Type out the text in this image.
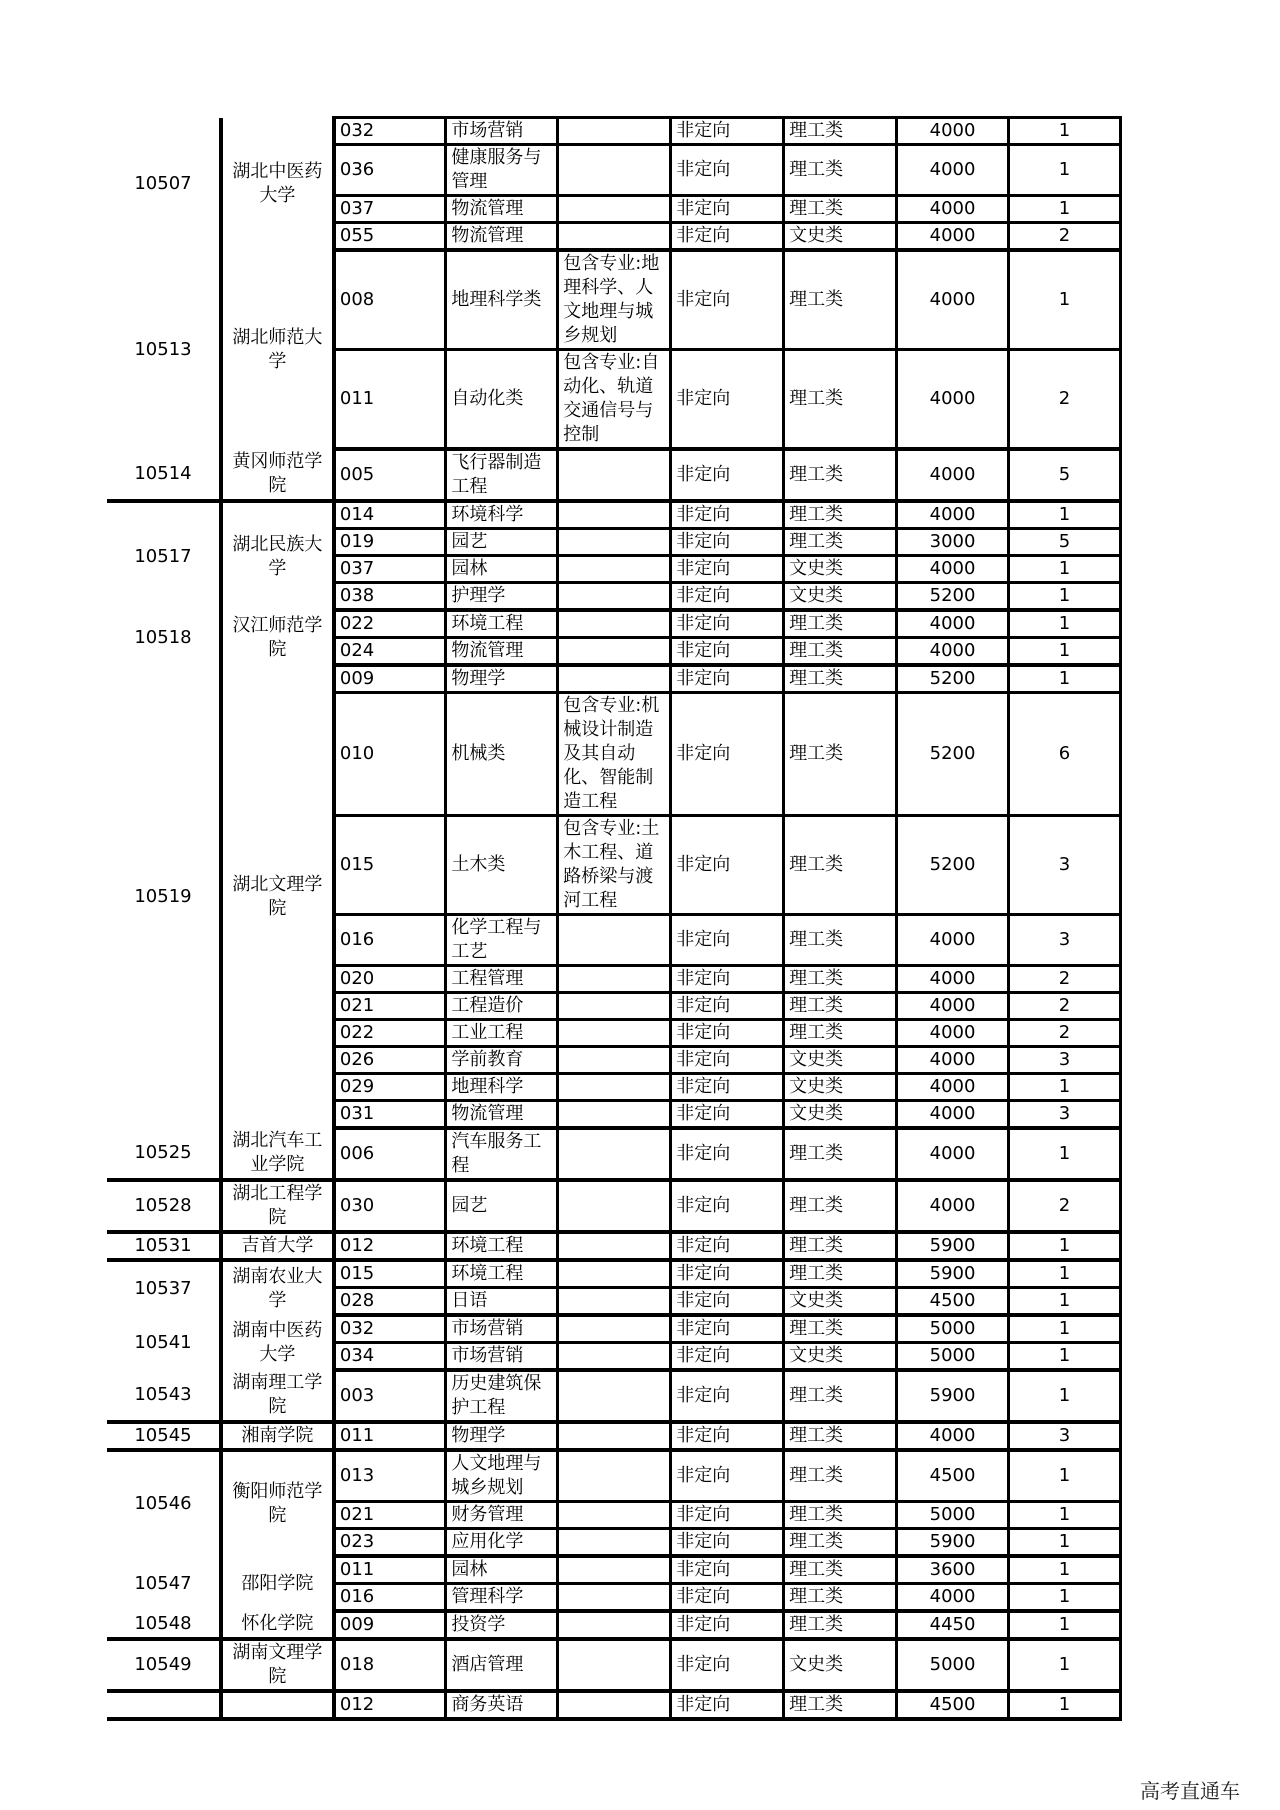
10507	湖北中医药大学	032	市场营销		非定向	理工类	4000	1
		036	健康服务与管理		非定向	理工类	4000	1
		037	物流管理		非定向	理工类	4000	1
		055	物流管理		非定向	文史类	4000	2
10513	湖北师范大学	008	地理科学类	包含专业:地理科学、人文地理与城乡规划	非定向	理工类	4000	1
		011	自动化类	包含专业:自动化、轨道交通信号与控制	非定向	理工类	4000	2
10514	黄冈师范学院	005	飞行器制造工程		非定向	理工类	4000	5
10517	湖北民族大学	014	环境科学		非定向	理工类	4000	1
		019	园艺		非定向	理工类	3000	5
		037	园林		非定向	文史类	4000	1
		038	护理学		非定向	文史类	5200	1
10518	汉江师范学院	022	环境工程		非定向	理工类	4000	1
		024	物流管理		非定向	理工类	4000	1
10519	湖北文理学院	009	物理学		非定向	理工类	5200	1
		010	机械类	包含专业:机械设计制造及其自动化、智能制造工程	非定向	理工类	5200	6
		015	土木类	包含专业:土木工程、道路桥梁与渡河工程	非定向	理工类	5200	3
		016	化学工程与工艺		非定向	理工类	4000	3
		020	工程管理		非定向	理工类	4000	2
		021	工程造价		非定向	理工类	4000	2
		022	工业工程		非定向	理工类	4000	2
		026	学前教育		非定向	文史类	4000	3
		029	地理科学		非定向	文史类	4000	1
		031	物流管理		非定向	文史类	4000	3
10525	湖北汽车工业学院	006	汽车服务工程		非定向	理工类	4000	1
10528	湖北工程学院	030	园艺		非定向	理工类	4000	2
10531	吉首大学	012	环境工程		非定向	理工类	5900	1
10537	湖南农业大学	015	环境工程		非定向	理工类	5900	1
		028	日语		非定向	文史类	4500	1
10541	湖南中医药大学	032	市场营销		非定向	理工类	5000	1
		034	市场营销		非定向	文史类	5000	1
10543	湖南理工学院	003	历史建筑保护工程		非定向	理工类	5900	1
10545	湘南学院	011	物理学		非定向	理工类	4000	3
10546	衡阳师范学院	013	人文地理与城乡规划		非定向	理工类	4500	1
		021	财务管理		非定向	理工类	5000	1
		023	应用化学		非定向	理工类	5900	1
10547	邵阳学院	011	园林		非定向	理工类	3600	1
		016	管理科学		非定向	理工类	4000	1
10548	怀化学院	009	投资学		非定向	理工类	4450	1
10549	湖南文理学院	018	酒店管理		非定向	文史类	5000	1
		012	商务英语		非定向	理工类	4500	1
高考直通车
